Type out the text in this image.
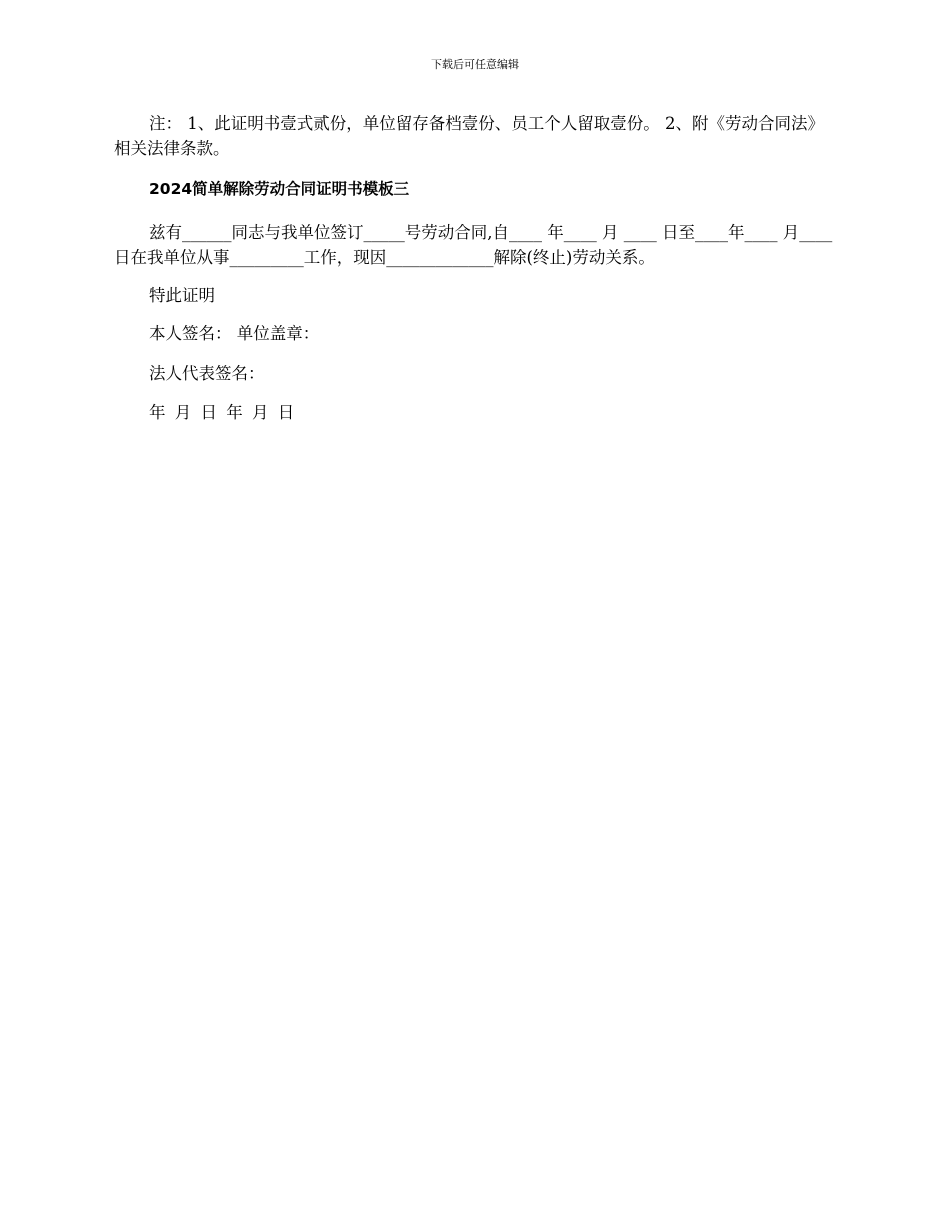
下载后可任意编辑

注： 1、此证明书壹式贰份，单位留存备档壹份、员工个人留取壹份。 2、附《劳动合同法》相关法律条款。

2024简单解除劳动合同证明书模板三

兹有______同志与我单位签订_____号劳动合同,自____ 年____ 月 ____ 日至____年____ 月____ 日在我单位从事_________工作，现因_____________解除(终止)劳动关系。

特此证明

本人签名： 单位盖章：

法人代表签名：

年 月 日 年 月 日
